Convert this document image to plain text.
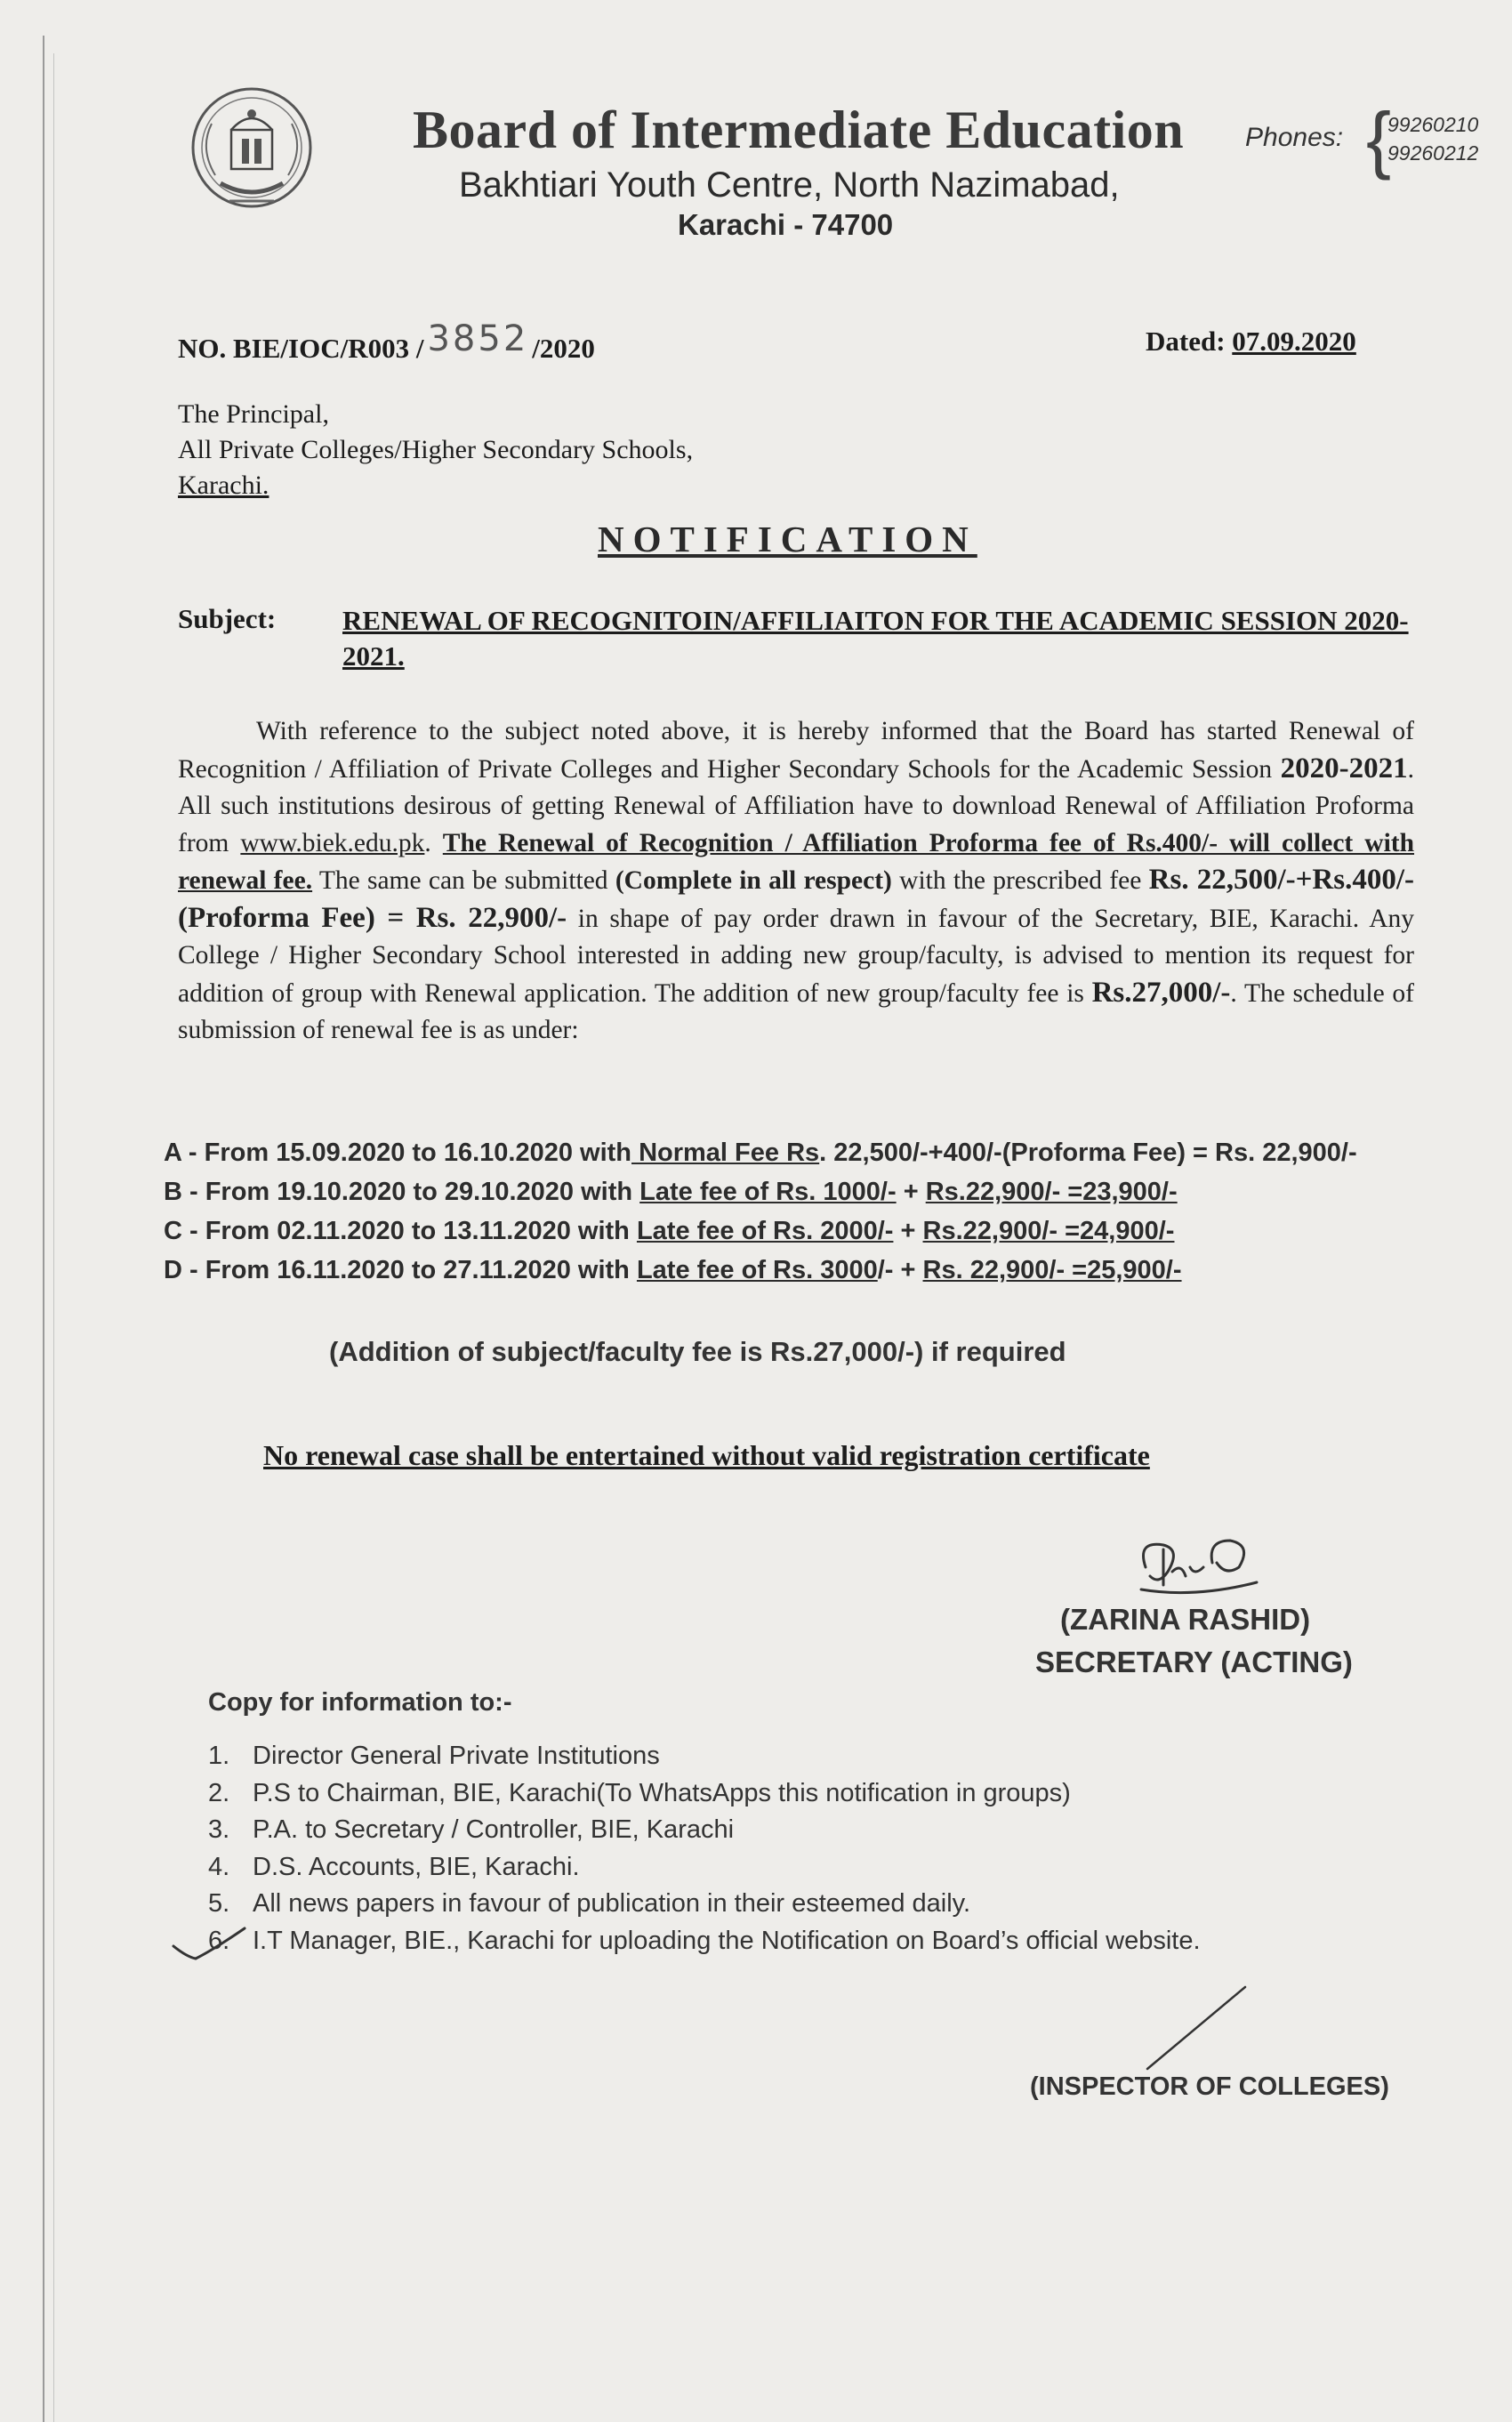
Board of Intermediate Education
Bakhtiari Youth Centre, North Nazimabad,
Karachi - 74700
Phones: {
99260210
99260212
NO. BIE/IOC/R003 / 3852 /2020	Dated: 07.09.2020
The Principal,
All Private Colleges/Higher Secondary Schools,
Karachi.
NOTIFICATION
Subject: RENEWAL OF RECOGNITOIN/AFFILIAITON FOR THE ACADEMIC SESSION 2020-2021.
With reference to the subject noted above, it is hereby informed that the Board has started Renewal of Recognition / Affiliation of Private Colleges and Higher Secondary Schools for the Academic Session 2020-2021. All such institutions desirous of getting Renewal of Affiliation have to download Renewal of Affiliation Proforma from www.biek.edu.pk. The Renewal of Recognition / Affiliation Proforma fee of Rs.400/- will collect with renewal fee. The same can be submitted (Complete in all respect) with the prescribed fee Rs. 22,500/-+Rs.400/-(Proforma Fee) = Rs. 22,900/- in shape of pay order drawn in favour of the Secretary, BIE, Karachi. Any College / Higher Secondary School interested in adding new group/faculty, is advised to mention its request for addition of group with Renewal application. The addition of new group/faculty fee is Rs.27,000/-. The schedule of submission of renewal fee is as under:
A - From 15.09.2020 to 16.10.2020 with Normal Fee Rs. 22,500/-+400/-(Proforma Fee) = Rs. 22,900/-
B - From 19.10.2020 to 29.10.2020 with Late fee of Rs. 1000/- + Rs.22,900/- =23,900/-
C - From 02.11.2020 to 13.11.2020 with Late fee of Rs. 2000/- + Rs.22,900/- =24,900/-
D - From 16.11.2020 to 27.11.2020 with Late fee of Rs. 3000/- + Rs. 22,900/- =25,900/-
(Addition of subject/faculty fee is Rs.27,000/-) if required
No renewal case shall be entertained without valid registration certificate
(ZARINA RASHID)
SECRETARY (ACTING)
Copy for information to:-
1. Director General Private Institutions
2. P.S to Chairman, BIE, Karachi(To WhatsApps this notification in groups)
3. P.A. to Secretary / Controller, BIE, Karachi
4. D.S. Accounts, BIE, Karachi.
5. All news papers in favour of publication in their esteemed daily.
6. I.T Manager, BIE., Karachi for uploading the Notification on Board’s official website.
(INSPECTOR OF COLLEGES)
